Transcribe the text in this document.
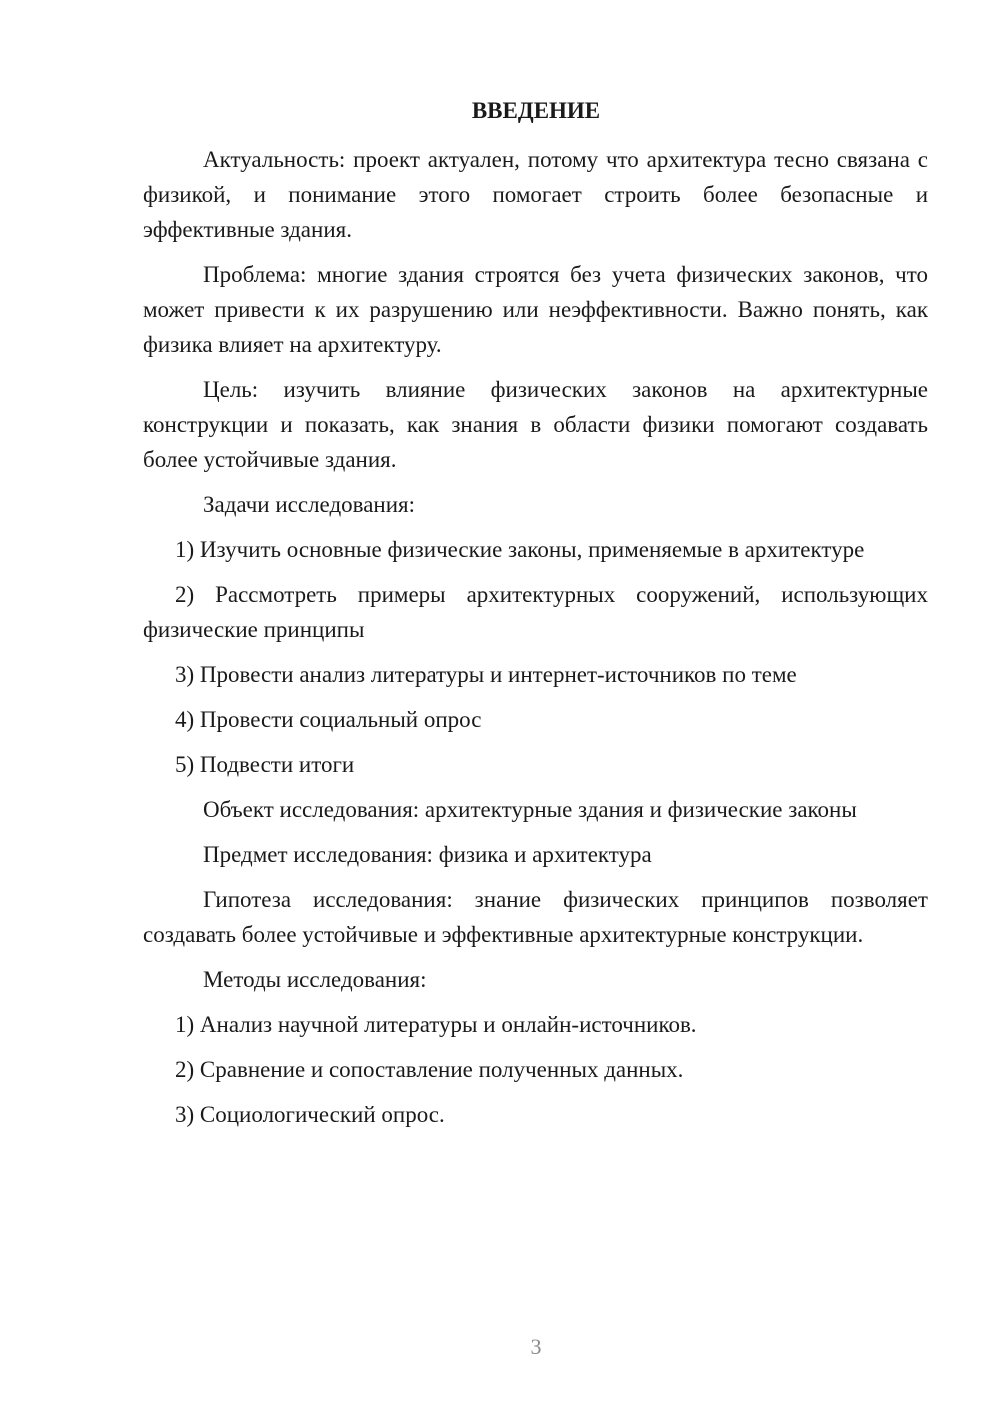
ВВЕДЕНИЕ

Актуальность: проект актуален, потому что архитектура тесно связана с физикой, и понимание этого помогает строить более безопасные и эффективные здания.

Проблема: многие здания строятся без учета физических законов, что может привести к их разрушению или неэффективности. Важно понять, как физика влияет на архитектуру.

Цель: изучить влияние физических законов на архитектурные конструкции и показать, как знания в области физики помогают создавать более устойчивые здания.

Задачи исследования:

1) Изучить основные физические законы, применяемые в архитектуре

2) Рассмотреть примеры архитектурных сооружений, использующих физические принципы

3) Провести анализ литературы и интернет-источников по теме

4) Провести социальный опрос

5) Подвести итоги

Объект исследования: архитектурные здания и физические законы

Предмет исследования: физика и архитектура

Гипотеза исследования: знание физических принципов позволяет создавать более устойчивые и эффективные архитектурные конструкции.

Методы исследования:

1) Анализ научной литературы и онлайн-источников.

2) Сравнение и сопоставление полученных данных.

3) Социологический опрос.

3
